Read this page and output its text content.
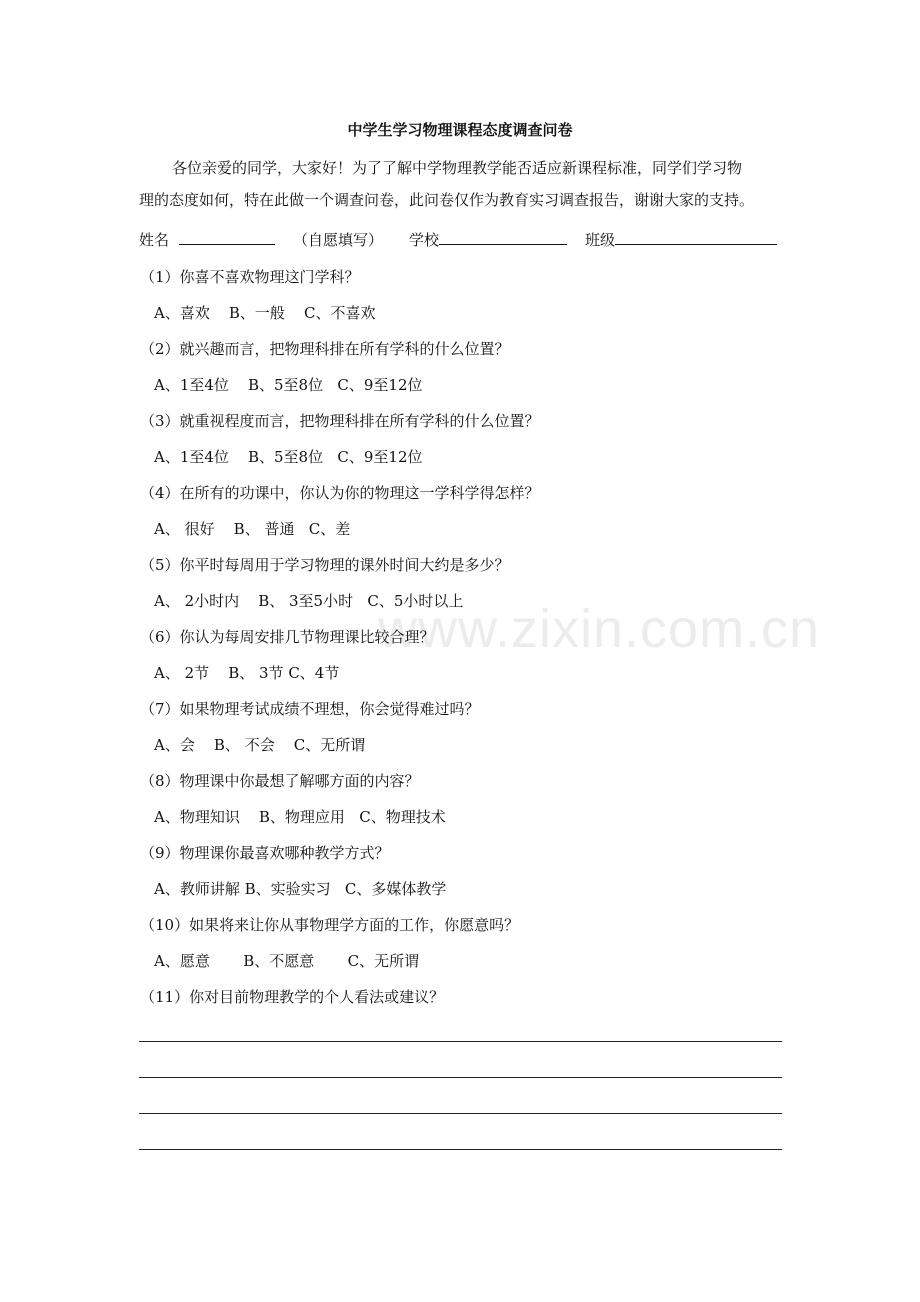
www.zixin.com.cn
中学生学习物理课程态度调查问卷
各位亲爱的同学，大家好！为了了解中学物理教学能否适应新课程标准，同学们学习物
理的态度如何，特在此做一个调查问卷，此问卷仅作为教育实习调查报告，谢谢大家的支持。
姓名	（自愿填写） 学校	班级
（1）你喜不喜欢物理这门学科？
A、喜欢    B、一般    C、不喜欢
（2）就兴趣而言，把物理科排在所有学科的什么位置？
A、1至4位    B、5至8位   C、9至12位
（3）就重视程度而言，把物理科排在所有学科的什么位置？
A、1至4位    B、5至8位   C、9至12位
（4）在所有的功课中，你认为你的物理这一学科学得怎样？
A、 很好    B、 普通   C、差
（5）你平时每周用于学习物理的课外时间大约是多少？
A、 2小时内    B、 3至5小时   C、5小时以上
（6）你认为每周安排几节物理课比较合理？
A、 2节    B、 3节 C、4节
（7）如果物理考试成绩不理想，你会觉得难过吗？
A、会    B、 不会    C、无所谓
（8）物理课中你最想了解哪方面的内容？
A、物理知识    B、物理应用   C、物理技术
（9）物理课你最喜欢哪种教学方式？
A、教师讲解 B、实验实习   C、多媒体教学
（10）如果将来让你从事物理学方面的工作，你愿意吗？
A、愿意       B、不愿意       C、无所谓
（11）你对目前物理教学的个人看法或建议？
